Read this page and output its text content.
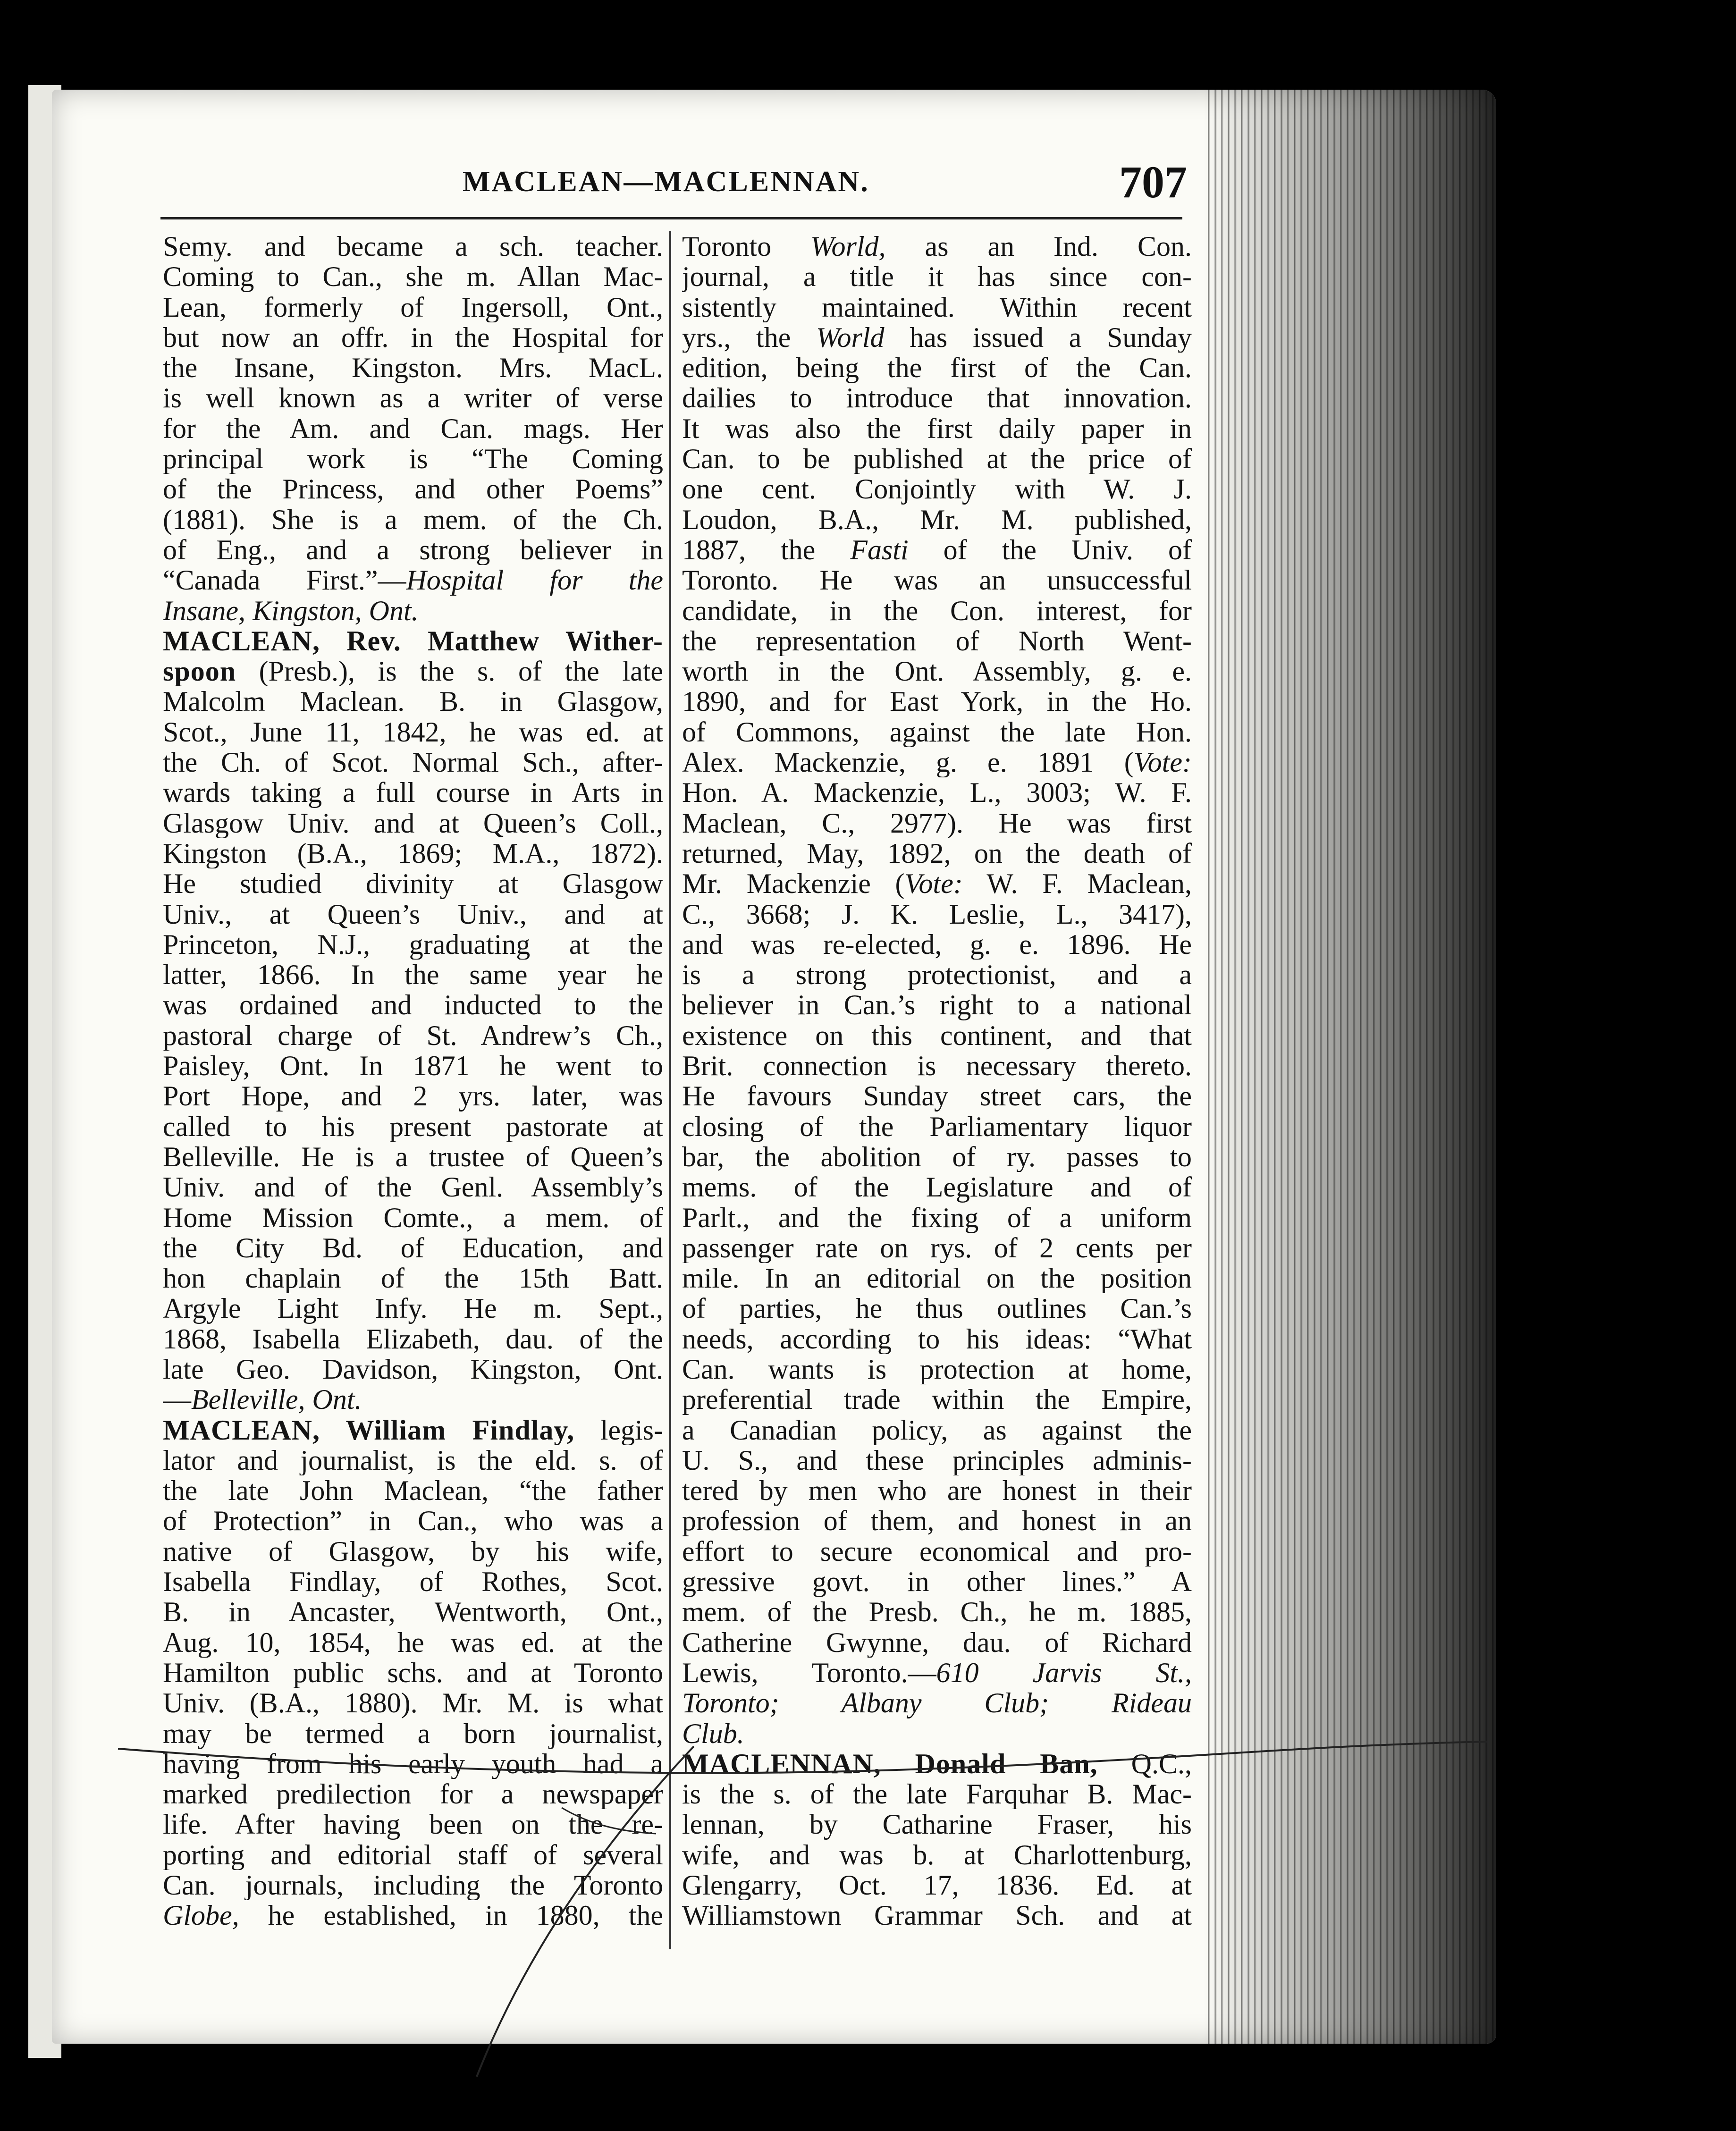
MACLEAN—MACLENNAN.	707
Semy. and became a sch. teacher.
Coming to Can., she m. Allan Mac-
Lean, formerly of Ingersoll, Ont.,
but now an offr. in the Hospital for
the Insane, Kingston. Mrs. MacL.
is well known as a writer of verse
for the Am. and Can. mags. Her
principal work is “The Coming
of the Princess, and other Poems”
(1881). She is a mem. of the Ch.
of Eng., and a strong believer in
“Canada First.”—Hospital for the
Insane, Kingston, Ont.
MACLEAN, Rev. Matthew Wither-
spoon (Presb.), is the s. of the late
Malcolm Maclean. B. in Glasgow,
Scot., June 11, 1842, he was ed. at
the Ch. of Scot. Normal Sch., after-
wards taking a full course in Arts in
Glasgow Univ. and at Queen’s Coll.,
Kingston (B.A., 1869; M.A., 1872).
He studied divinity at Glasgow
Univ., at Queen’s Univ., and at
Princeton, N.J., graduating at the
latter, 1866. In the same year he
was ordained and inducted to the
pastoral charge of St. Andrew’s Ch.,
Paisley, Ont. In 1871 he went to
Port Hope, and 2 yrs. later, was
called to his present pastorate at
Belleville. He is a trustee of Queen’s
Univ. and of the Genl. Assembly’s
Home Mission Comte., a mem. of
the City Bd. of Education, and
hon chaplain of the 15th Batt.
Argyle Light Infy. He m. Sept.,
1868, Isabella Elizabeth, dau. of the
late Geo. Davidson, Kingston, Ont.
—Belleville, Ont.
MACLEAN, William Findlay, legis-
lator and journalist, is the eld. s. of
the late John Maclean, “the father
of Protection” in Can., who was a
native of Glasgow, by his wife,
Isabella Findlay, of Rothes, Scot.
B. in Ancaster, Wentworth, Ont.,
Aug. 10, 1854, he was ed. at the
Hamilton public schs. and at Toronto
Univ. (B.A., 1880). Mr. M. is what
may be termed a born journalist,
having from his early youth had a
marked predilection for a newspaper
life. After having been on the re-
porting and editorial staff of several
Can. journals, including the Toronto
Globe, he established, in 1880, the
Toronto World, as an Ind. Con.
journal, a title it has since con-
sistently maintained. Within recent
yrs., the World has issued a Sunday
edition, being the first of the Can.
dailies to introduce that innovation.
It was also the first daily paper in
Can. to be published at the price of
one cent. Conjointly with W. J.
Loudon, B.A., Mr. M. published,
1887, the Fasti of the Univ. of
Toronto. He was an unsuccessful
candidate, in the Con. interest, for
the representation of North Went-
worth in the Ont. Assembly, g. e.
1890, and for East York, in the Ho.
of Commons, against the late Hon.
Alex. Mackenzie, g. e. 1891 (Vote:
Hon. A. Mackenzie, L., 3003; W. F.
Maclean, C., 2977). He was first
returned, May, 1892, on the death of
Mr. Mackenzie (Vote: W. F. Maclean,
C., 3668; J. K. Leslie, L., 3417),
and was re-elected, g. e. 1896. He
is a strong protectionist, and a
believer in Can.’s right to a national
existence on this continent, and that
Brit. connection is necessary thereto.
He favours Sunday street cars, the
closing of the Parliamentary liquor
bar, the abolition of ry. passes to
mems. of the Legislature and of
Parlt., and the fixing of a uniform
passenger rate on rys. of 2 cents per
mile. In an editorial on the position
of parties, he thus outlines Can.’s
needs, according to his ideas: “What
Can. wants is protection at home,
preferential trade within the Empire,
a Canadian policy, as against the
U. S., and these principles adminis-
tered by men who are honest in their
profession of them, and honest in an
effort to secure economical and pro-
gressive govt. in other lines.” A
mem. of the Presb. Ch., he m. 1885,
Catherine Gwynne, dau. of Richard
Lewis, Toronto.—610 Jarvis St.,
Toronto; Albany Club; Rideau
Club.
MACLENNAN, Donald Ban, Q.C.,
is the s. of the late Farquhar B. Mac-
lennan, by Catharine Fraser, his
wife, and was b. at Charlottenburg,
Glengarry, Oct. 17, 1836. Ed. at
Williamstown Grammar Sch. and at
